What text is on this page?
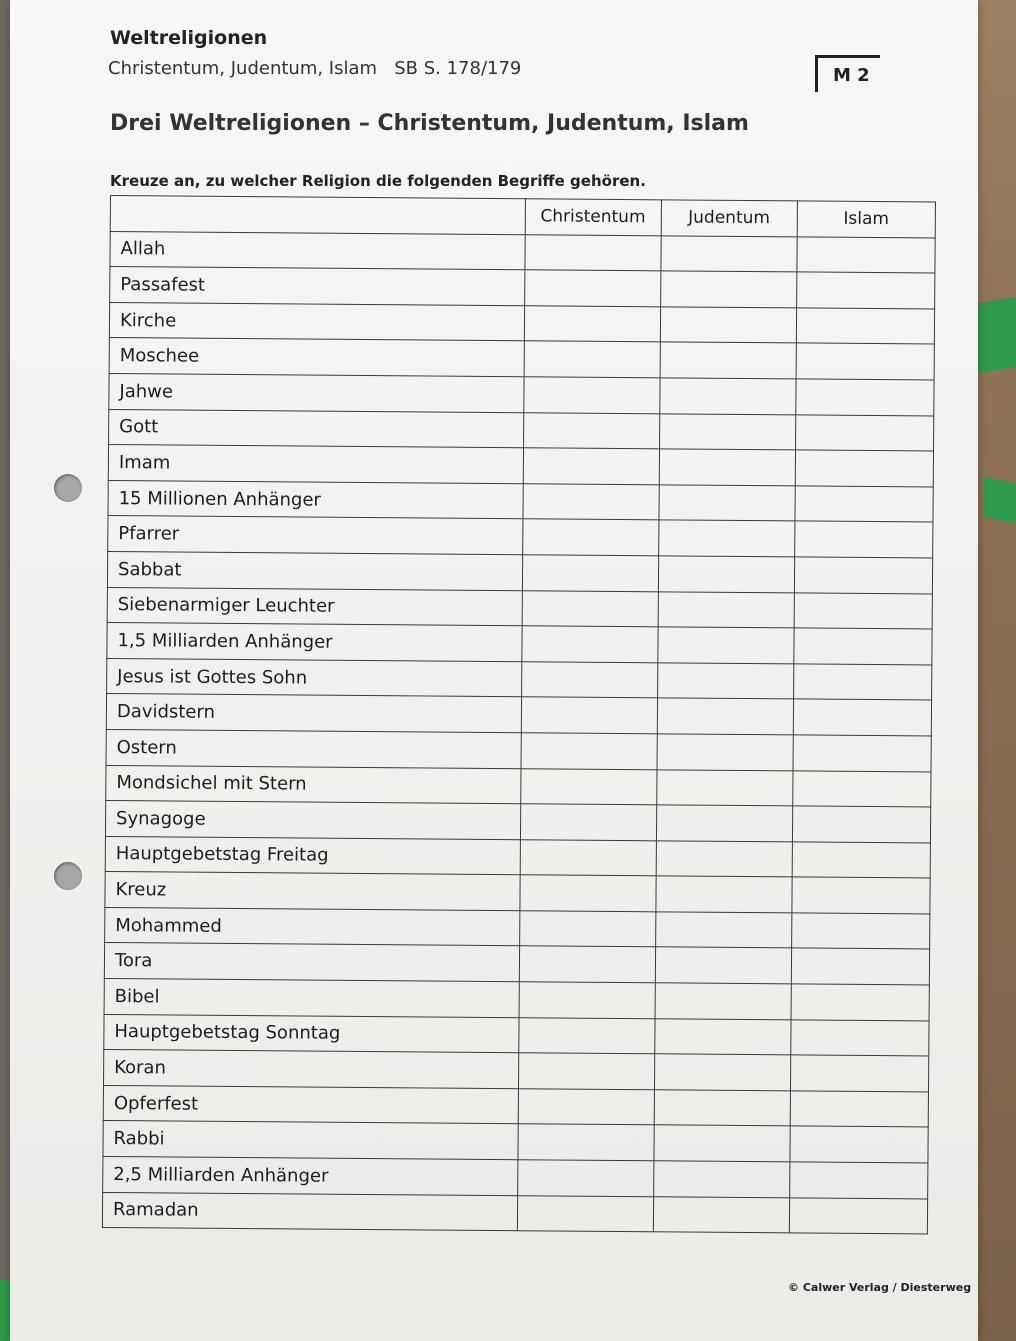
Weltreligionen
Christentum, Judentum, Islam   SB S. 178/179	M 2
Drei Weltreligionen – Christentum, Judentum, Islam
Kreuze an, zu welcher Religion die folgenden Begriffe gehören.
	Christentum	Judentum	Islam
Allah			
Passafest			
Kirche			
Moschee			
Jahwe			
Gott			
Imam			
15 Millionen Anhänger			
Pfarrer			
Sabbat			
Siebenarmiger Leuchter			
1,5 Milliarden Anhänger			
Jesus ist Gottes Sohn			
Davidstern			
Ostern			
Mondsichel mit Stern			
Synagoge			
Hauptgebetstag Freitag			
Kreuz			
Mohammed			
Tora			
Bibel			
Hauptgebetstag Sonntag			
Koran			
Opferfest			
Rabbi			
2,5 Milliarden Anhänger			
Ramadan			
© Calwer Verlag / Diesterweg
